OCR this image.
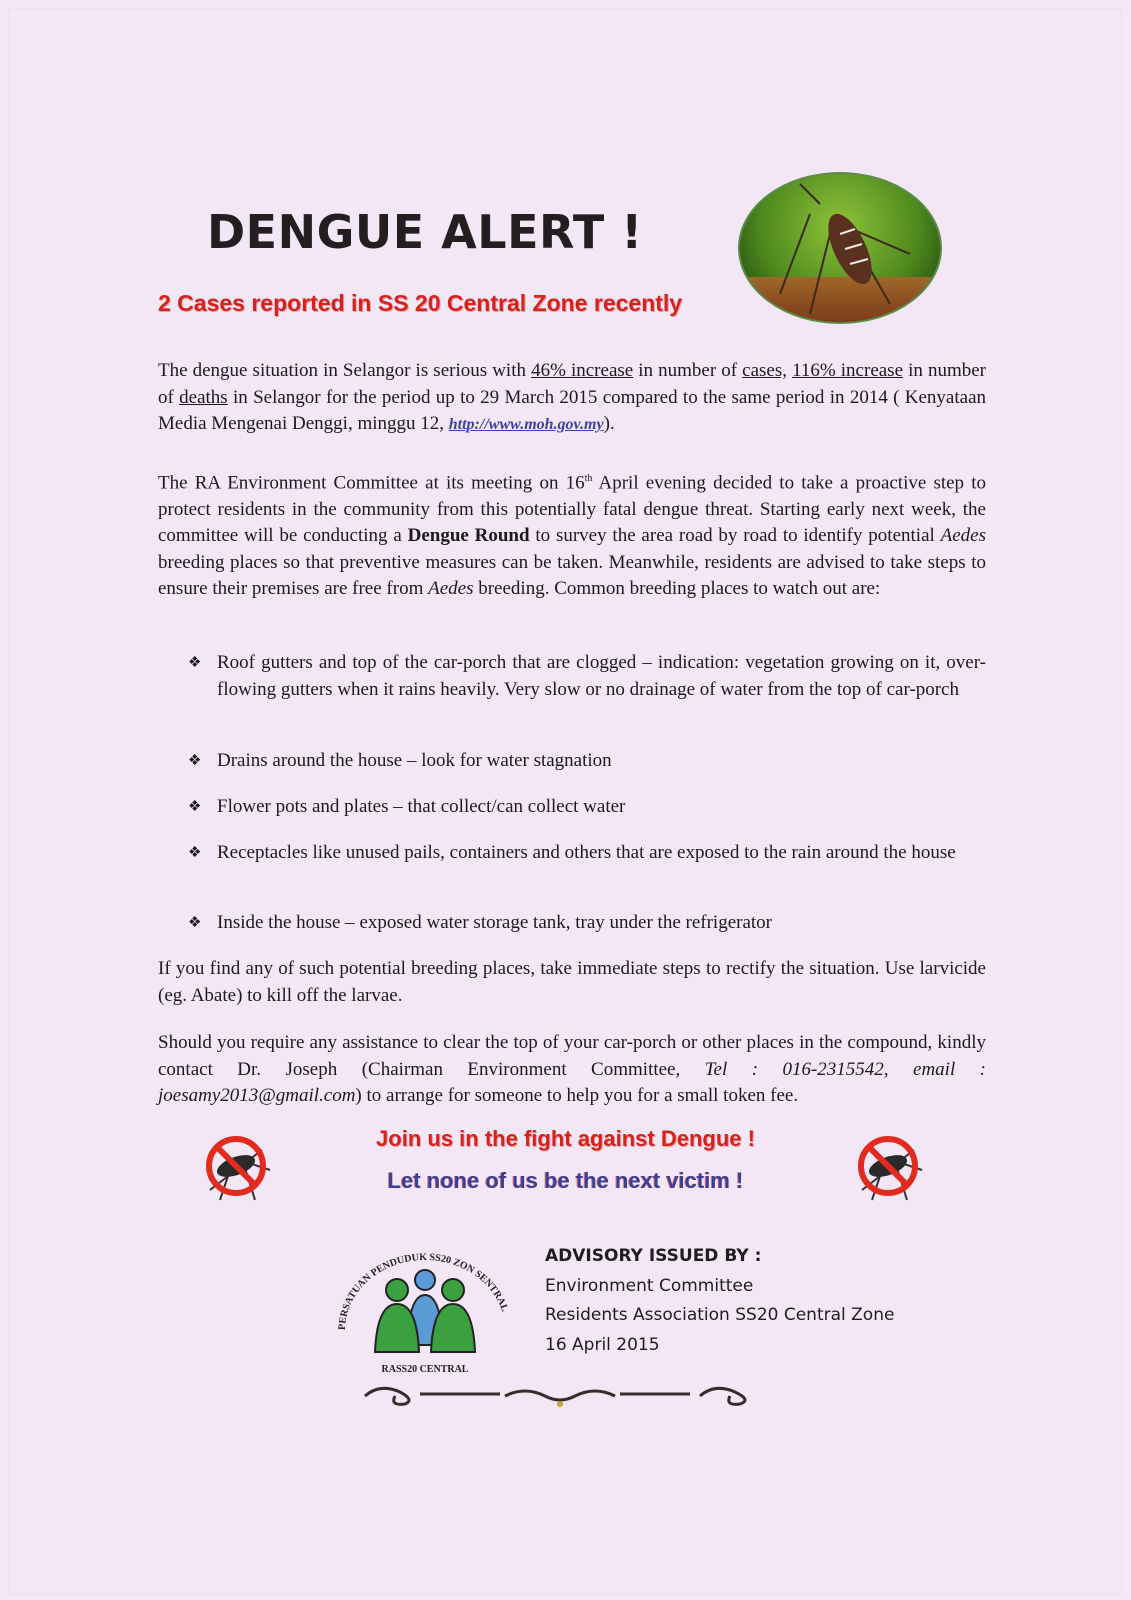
DENGUE ALERT !
2 Cases reported in SS 20 Central Zone recently
The dengue situation in Selangor is serious with 46% increase in number of cases, 116% increase in number of deaths in Selangor for the period up to 29 March 2015 compared to the same period in 2014 ( Kenyataan Media Mengenai Denggi, minggu 12, http://www.moh.gov.my).
The RA Environment Committee at its meeting on 16th April evening decided to take a proactive step to protect residents in the community from this potentially fatal dengue threat. Starting early next week, the committee will be conducting a Dengue Round to survey the area road by road to identify potential Aedes breeding places so that preventive measures can be taken. Meanwhile, residents are advised to take steps to ensure their premises are free from Aedes breeding. Common breeding places to watch out are:
❖ Roof gutters and top of the car-porch that are clogged – indication: vegetation growing on it, over-flowing gutters when it rains heavily. Very slow or no drainage of water from the top of car-porch
❖ Drains around the house – look for water stagnation
❖ Flower pots and plates – that collect/can collect water
❖ Receptacles like unused pails, containers and others that are exposed to the rain around the house
❖ Inside the house – exposed water storage tank, tray under the refrigerator
If you find any of such potential breeding places, take immediate steps to rectify the situation. Use larvicide (eg. Abate) to kill off the larvae.
Should you require any assistance to clear the top of your car-porch or other places in the compound, kindly contact Dr. Joseph (Chairman Environment Committee, Tel : 016-2315542, email : joesamy2013@gmail.com) to arrange for someone to help you for a small token fee.
Join us in the fight against Dengue !
Let none of us be the next victim !
PERSATUAN PENDUDUK SS20 ZON SENTRAL
RASS20 CENTRAL
ADVISORY ISSUED BY :
Environment Committee
Residents Association SS20 Central Zone
16 April 2015
